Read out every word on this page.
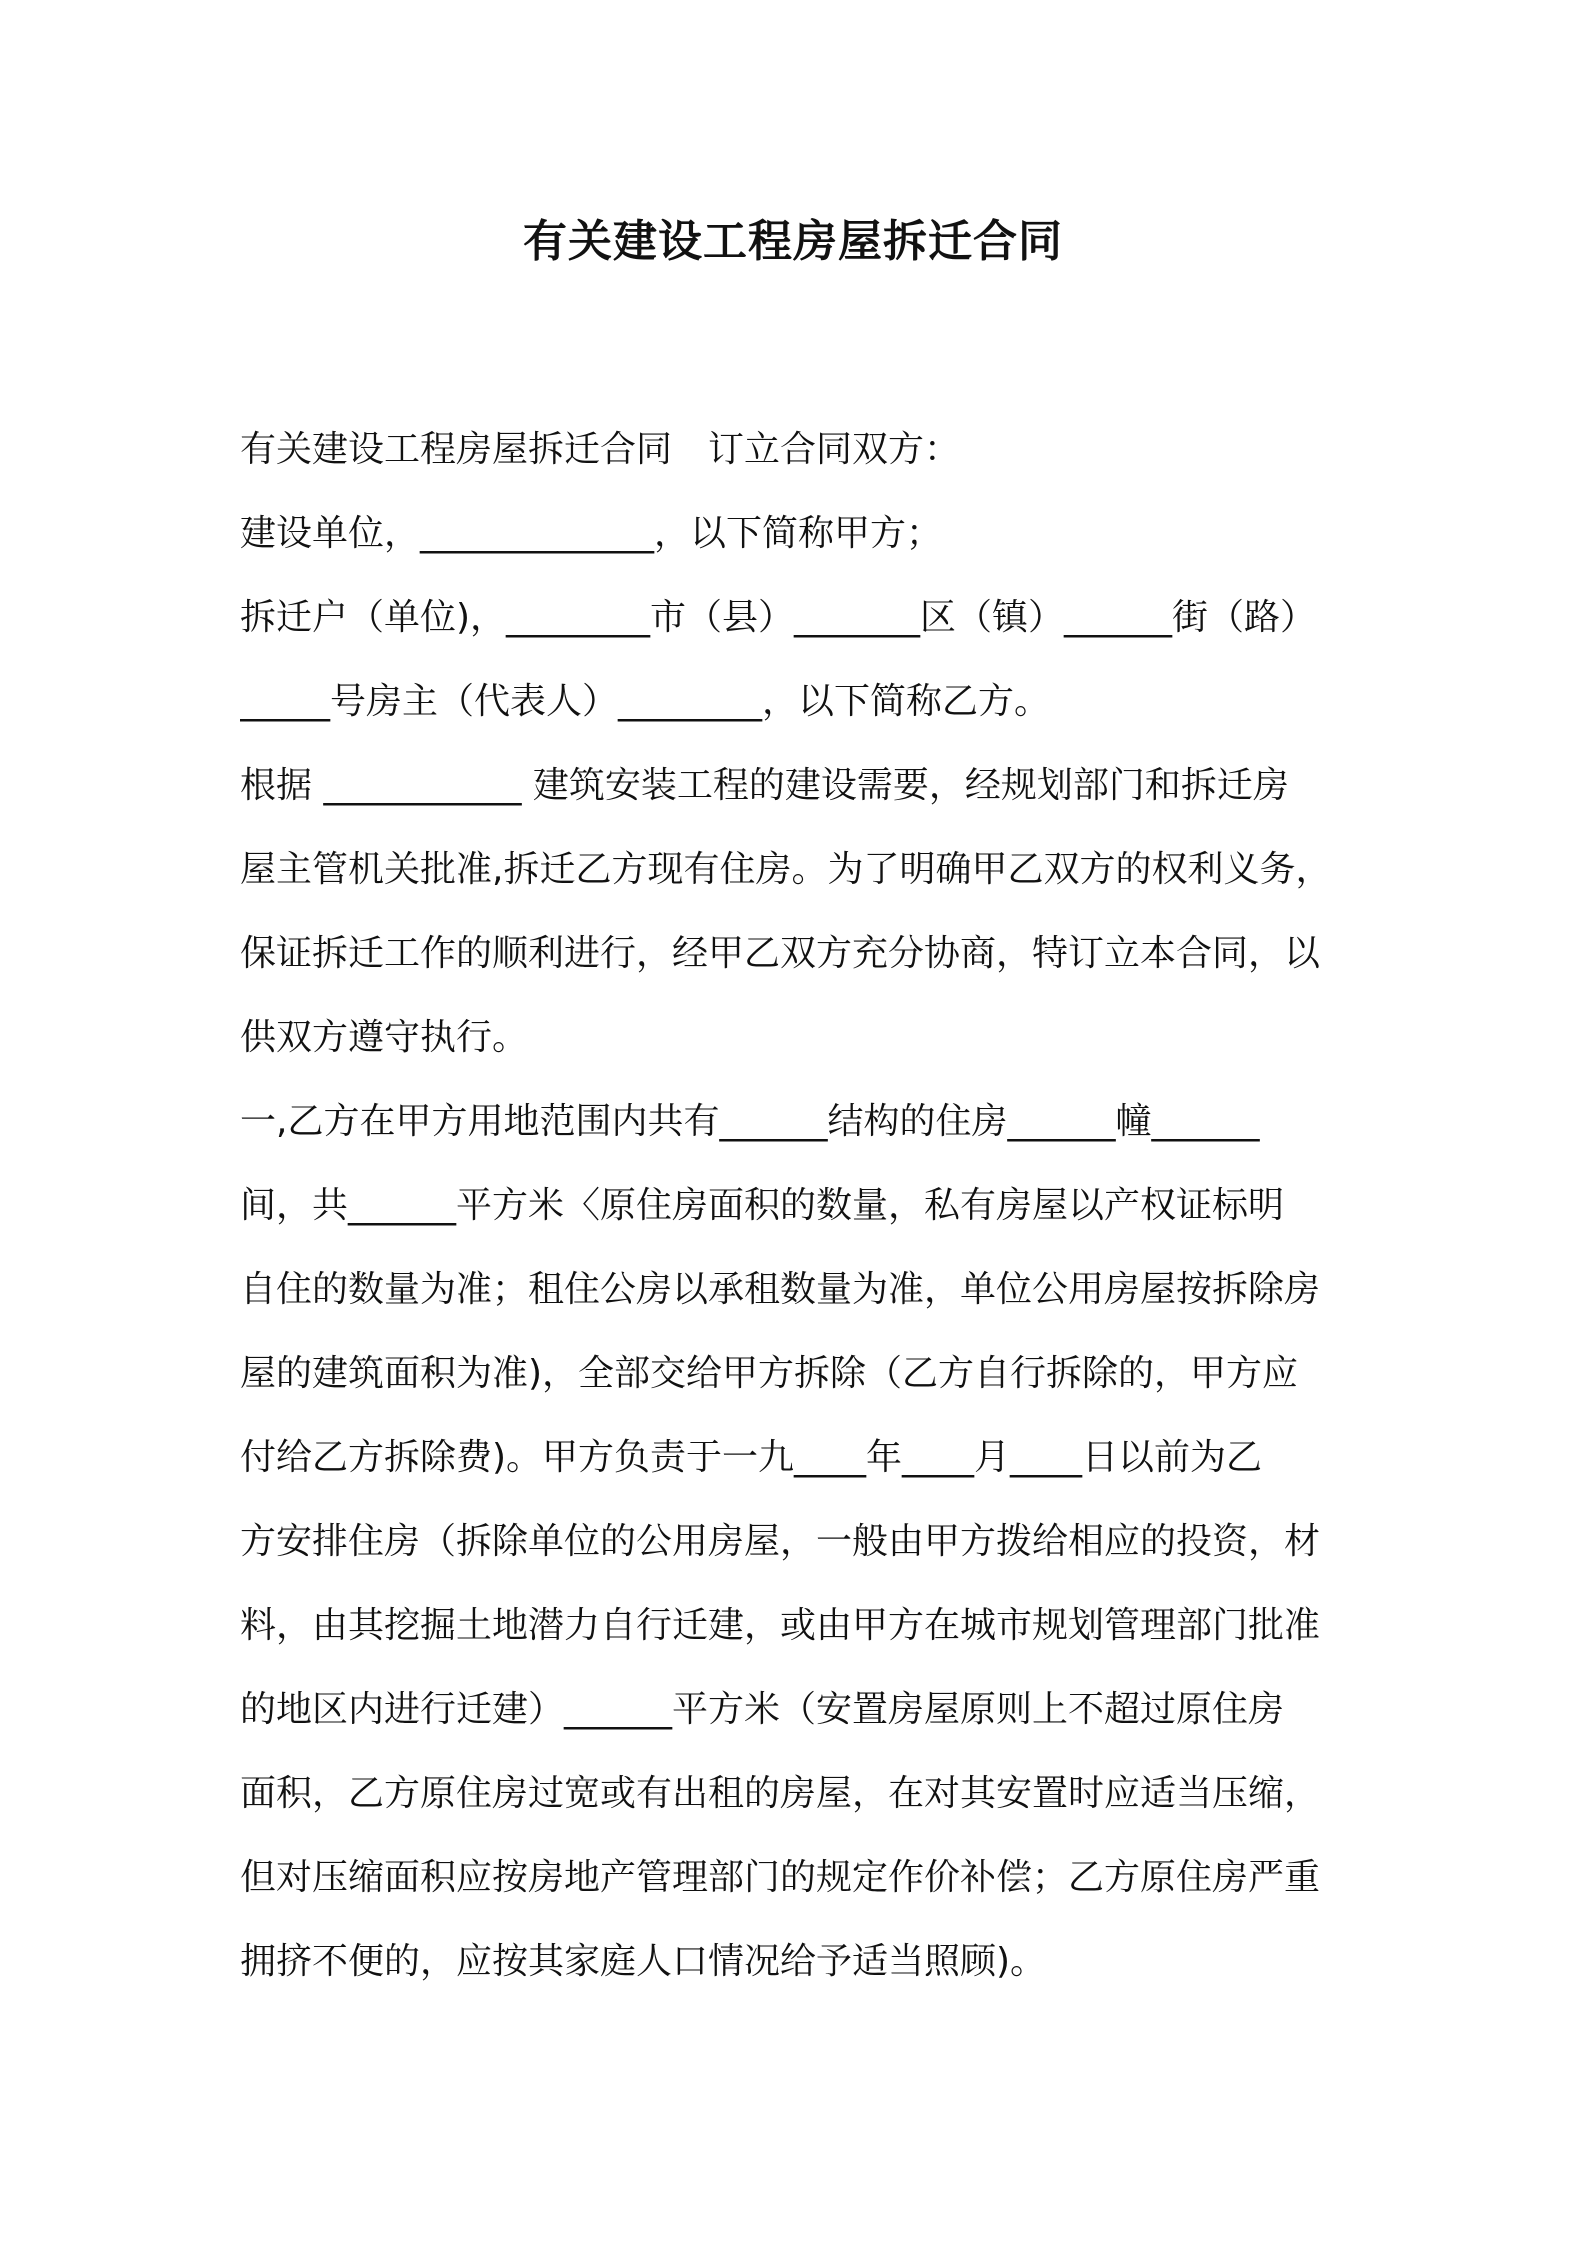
有关建设工程房屋拆迁合同
有关建设工程房屋拆迁合同　订立合同双方：
建设单位，_____________，以下简称甲方；
拆迁户（单位)，________市（县）_______区（镇）______街（路）
_____号房主（代表人）________，以下简称乙方。
根据 ___________ 建筑安装工程的建设需要，经规划部门和拆迁房
屋主管机关批准,拆迁乙方现有住房。为了明确甲乙双方的权利义务，
保证拆迁工作的顺利进行，经甲乙双方充分协商，特订立本合同，以
供双方遵守执行。
一,乙方在甲方用地范围内共有______结构的住房______幢______
间，共______平方米〈原住房面积的数量，私有房屋以产权证标明
自住的数量为准；租住公房以承租数量为准，单位公用房屋按拆除房
屋的建筑面积为准)，全部交给甲方拆除（乙方自行拆除的，甲方应
付给乙方拆除费)。甲方负责于一九____年____月____日以前为乙
方安排住房（拆除单位的公用房屋，一般由甲方拨给相应的投资，材
料，由其挖掘土地潜力自行迁建，或由甲方在城市规划管理部门批准
的地区内进行迁建）______平方米（安置房屋原则上不超过原住房
面积，乙方原住房过宽或有出租的房屋，在对其安置时应适当压缩，
但对压缩面积应按房地产管理部门的规定作价补偿；乙方原住房严重
拥挤不便的，应按其家庭人口情况给予适当照顾)。
